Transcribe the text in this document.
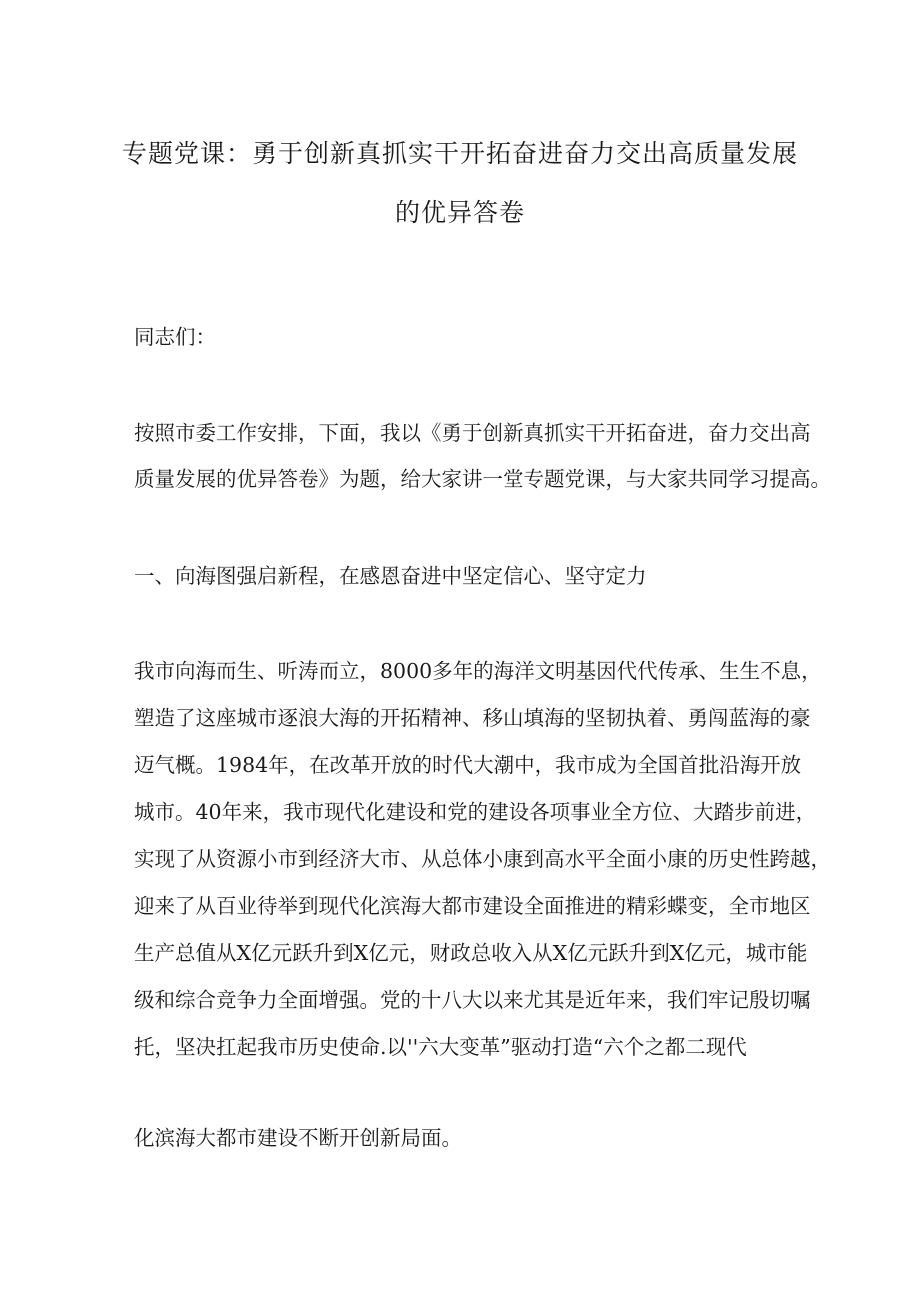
专题党课：勇于创新真抓实干开拓奋进奋力交出高质量发展
的优异答卷
同志们：
按照市委工作安排，下面，我以《勇于创新真抓实干开拓奋进，奋力交出高
质量发展的优异答卷》为题，给大家讲一堂专题党课，与大家共同学习提高。
一、向海图强启新程，在感恩奋进中坚定信心、坚守定力
我市向海而生、听涛而立，8000多年的海洋文明基因代代传承、生生不息，
塑造了这座城市逐浪大海的开拓精神、移山填海的坚韧执着、勇闯蓝海的豪
迈气概。1984年，在改革开放的时代大潮中，我市成为全国首批沿海开放
城市。40年来，我市现代化建设和党的建设各项事业全方位、大踏步前进，
实现了从资源小市到经济大市、从总体小康到高水平全面小康的历史性跨越，
迎来了从百业待举到现代化滨海大都市建设全面推进的精彩蝶变，全市地区
生产总值从X亿元跃升到X亿元，财政总收入从X亿元跃升到X亿元，城市能
级和综合竞争力全面增强。党的十八大以来尤其是近年来，我们牢记殷切嘱
托，坚决扛起我市历史使命.以''六大变革”驱动打造“六个之都二现代
化滨海大都市建设不断开创新局面。
